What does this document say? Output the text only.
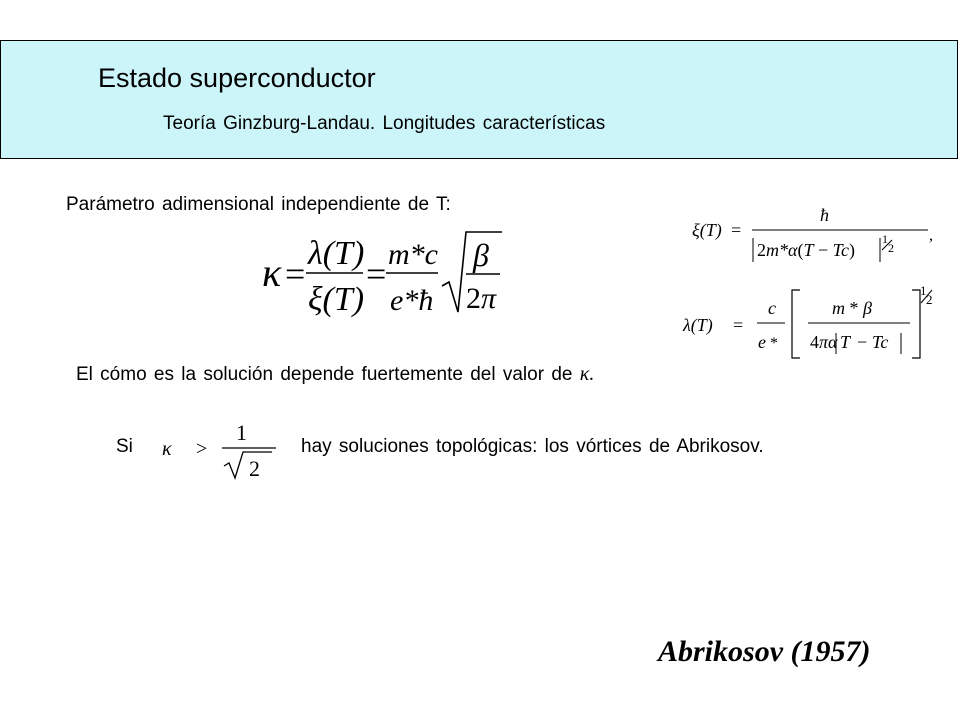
Estado superconductor
Teoría Ginzburg-Landau. Longitudes características
Parámetro adimensional independiente de T:
κ =
λ(T)
ξ(T)
= m*c
e*ħ
β
2π
ξ(T) =
ħ
2m*α(T − Tc)
1
2
,
λ(T) =
c
e *
m * β
4πα T − Tc
1
2
El cómo es la solución depende fuertemente del valor de κ.
Si κ >
1
2
hay soluciones topológicas: los vórtices de Abrikosov.
Abrikosov (1957)
